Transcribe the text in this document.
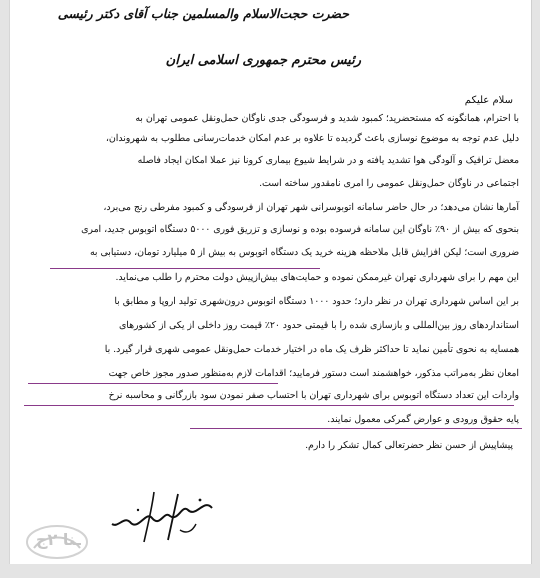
حضرت حجت‌الاسلام والمسلمین جناب آقای دکتر رئیسی
رئیس محترم جمهوری اسلامی ایران
سلام علیکم
با احترام، همانگونه که مستحضرید؛ کمبود شدید و فرسودگی جدی ناوگان حمل‌ونقل عمومی تهران به
دلیل عدم توجه به موضوع نوسازی باعث گردیده تا علاوه بر عدم امکان خدمات‌رسانی مطلوب به شهروندان،
معضل ترافیک و آلودگی هوا تشدید یافته و در شرایط شیوع بیماری کرونا نیز عملا امکان ایجاد فاصله
اجتماعی در ناوگان حمل‌ونقل عمومی را امری نامقدور ساخته است.
آمارها نشان می‌دهد؛ در حال حاضر سامانه اتوبوسرانی شهر تهران از فرسودگی و کمبود مفرطی رنج می‌برد،
بنحوی که بیش از ۹۰٪ ناوگان این سامانه فرسوده بوده و نوسازی و تزریق فوری ۵۰۰۰ دستگاه اتوبوس جدید، امری
ضروری است؛ لیکن افزایش قابل ملاحظه هزینه خرید یک دستگاه اتوبوس به بیش از ۵ میلیارد تومان، دستیابی به
این مهم را برای شهرداری تهران غیرممکن نموده و حمایت‌های بیش‌ازپیش دولت محترم را طلب می‌نماید.
بر این اساس شهرداری تهران در نظر دارد؛ حدود ۱۰۰۰ دستگاه اتوبوس درون‌شهری تولید اروپا و مطابق با
استانداردهای روز بین‌المللی و بازسازی شده را با قیمتی حدود ۲۰٪ قیمت روز داخلی از یکی از کشورهای
همسایه به نحوی تأمین نماید تا حداکثر ظرف یک ماه در اختیار خدمات حمل‌ونقل عمومی شهری قرار گیرد. با
امعان نظر به‌مراتب مذکور، خواهشمند است دستور فرمایید؛ اقدامات لازم به‌منظور صدور مجوز خاص جهت
واردات این تعداد دستگاه اتوبوس برای شهرداری تهران با احتساب صفر نمودن سود بازرگانی و محاسبه نرخ
پایه حقوق ورودی و عوارض گمرکی معمول نمایند.
پیشاپیش از حسن نظر حضرتعالی کمال تشکر را دارم.
ـنا ۲ج
